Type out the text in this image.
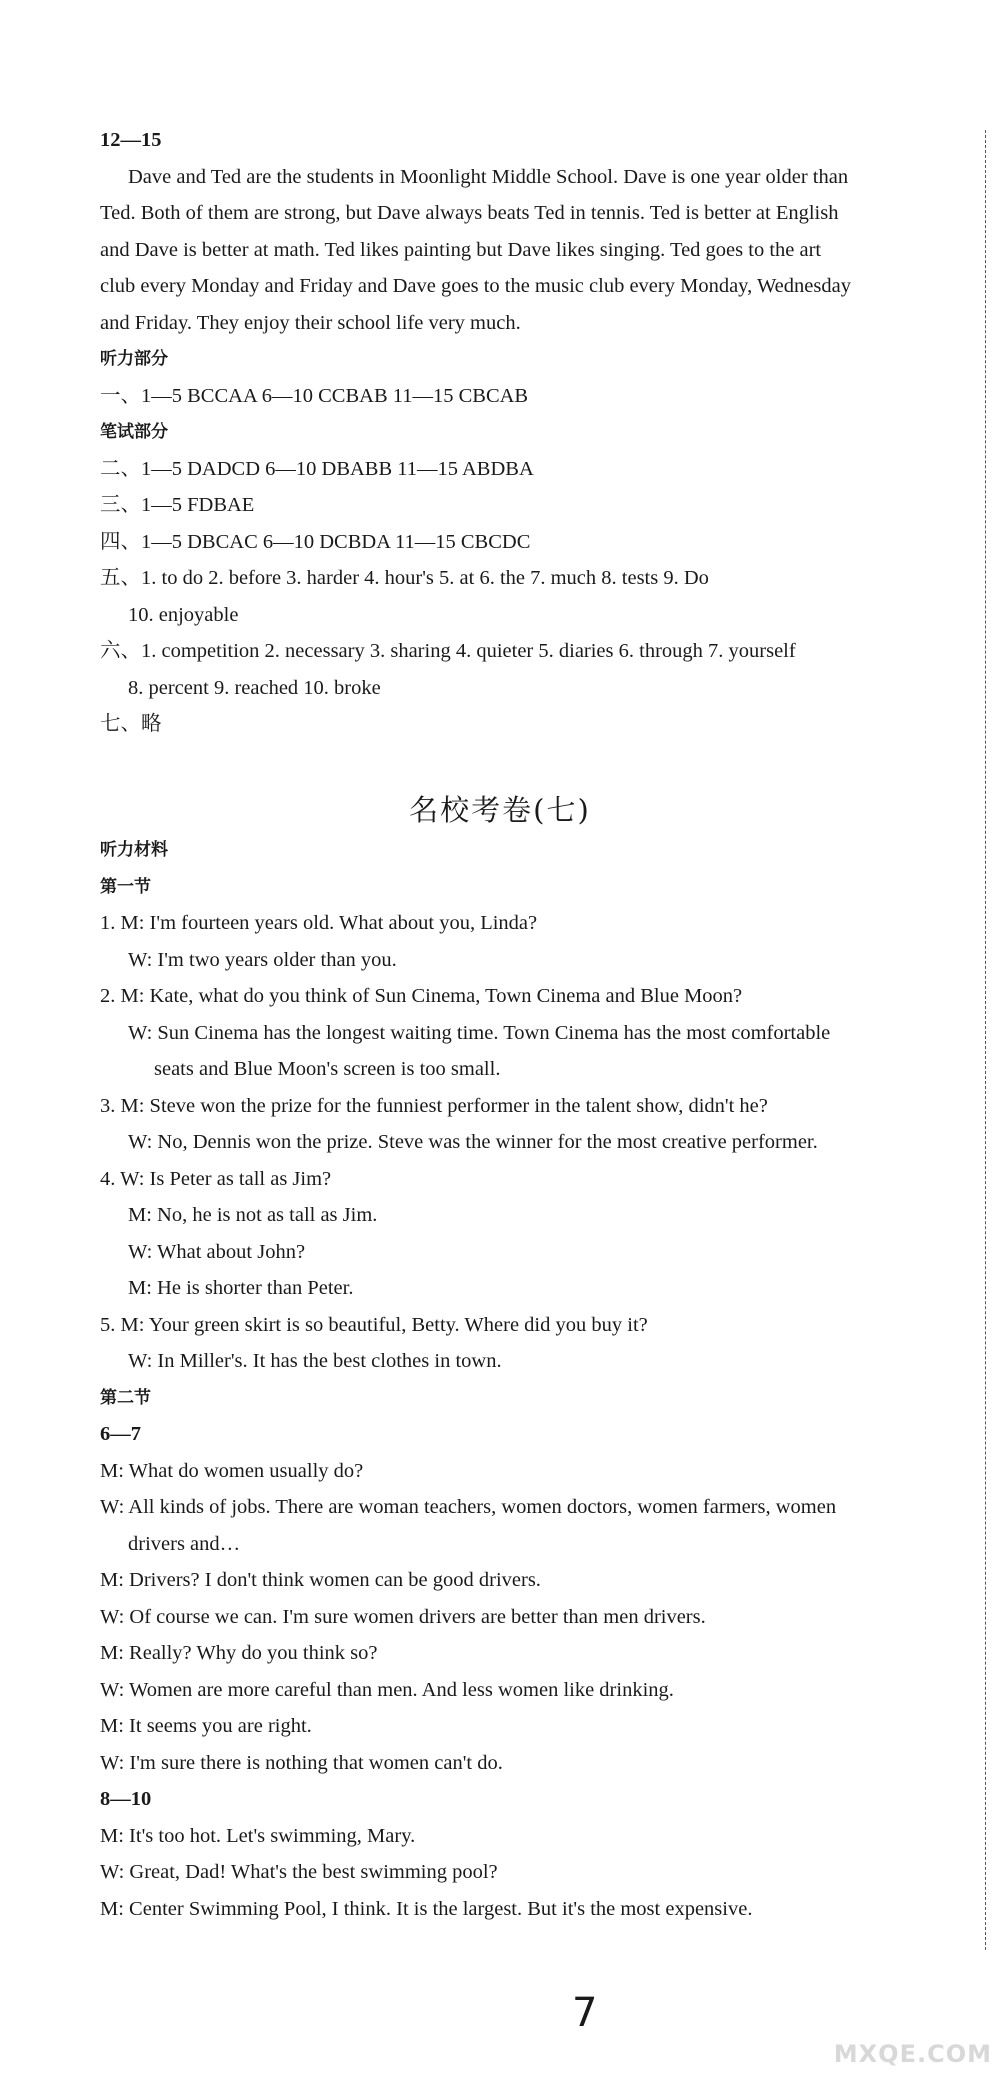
12—15
Dave and Ted are the students in Moonlight Middle School. Dave is one year older than
Ted. Both of them are strong, but Dave always beats Ted in tennis. Ted is better at English
and Dave is better at math. Ted likes painting but Dave likes singing. Ted goes to the art
club every Monday and Friday and Dave goes to the music club every Monday, Wednesday
and Friday. They enjoy their school life very much.
听力部分
一、1—5 BCCAA 6—10 CCBAB 11—15 CBCAB
笔试部分
二、1—5 DADCD 6—10 DBABB 11—15 ABDBA
三、1—5 FDBAE
四、1—5 DBCAC 6—10 DCBDA 11—15 CBCDC
五、1. to do 2. before 3. harder 4. hour's 5. at 6. the 7. much 8. tests 9. Do
10. enjoyable
六、1. competition 2. necessary 3. sharing 4. quieter 5. diaries 6. through 7. yourself
8. percent 9. reached 10. broke
七、略
名校考卷(七)
听力材料
第一节
1. M: I'm fourteen years old. What about you, Linda?
W: I'm two years older than you.
2. M: Kate, what do you think of Sun Cinema, Town Cinema and Blue Moon?
W: Sun Cinema has the longest waiting time. Town Cinema has the most comfortable
seats and Blue Moon's screen is too small.
3. M: Steve won the prize for the funniest performer in the talent show, didn't he?
W: No, Dennis won the prize. Steve was the winner for the most creative performer.
4. W: Is Peter as tall as Jim?
M: No, he is not as tall as Jim.
W: What about John?
M: He is shorter than Peter.
5. M: Your green skirt is so beautiful, Betty. Where did you buy it?
W: In Miller's. It has the best clothes in town.
第二节
6—7
M: What do women usually do?
W: All kinds of jobs. There are woman teachers, women doctors, women farmers, women
drivers and…
M: Drivers? I don't think women can be good drivers.
W: Of course we can. I'm sure women drivers are better than men drivers.
M: Really? Why do you think so?
W: Women are more careful than men. And less women like drinking.
M: It seems you are right.
W: I'm sure there is nothing that women can't do.
8—10
M: It's too hot. Let's swimming, Mary.
W: Great, Dad! What's the best swimming pool?
M: Center Swimming Pool, I think. It is the largest. But it's the most expensive.
7
MXQE.COM
